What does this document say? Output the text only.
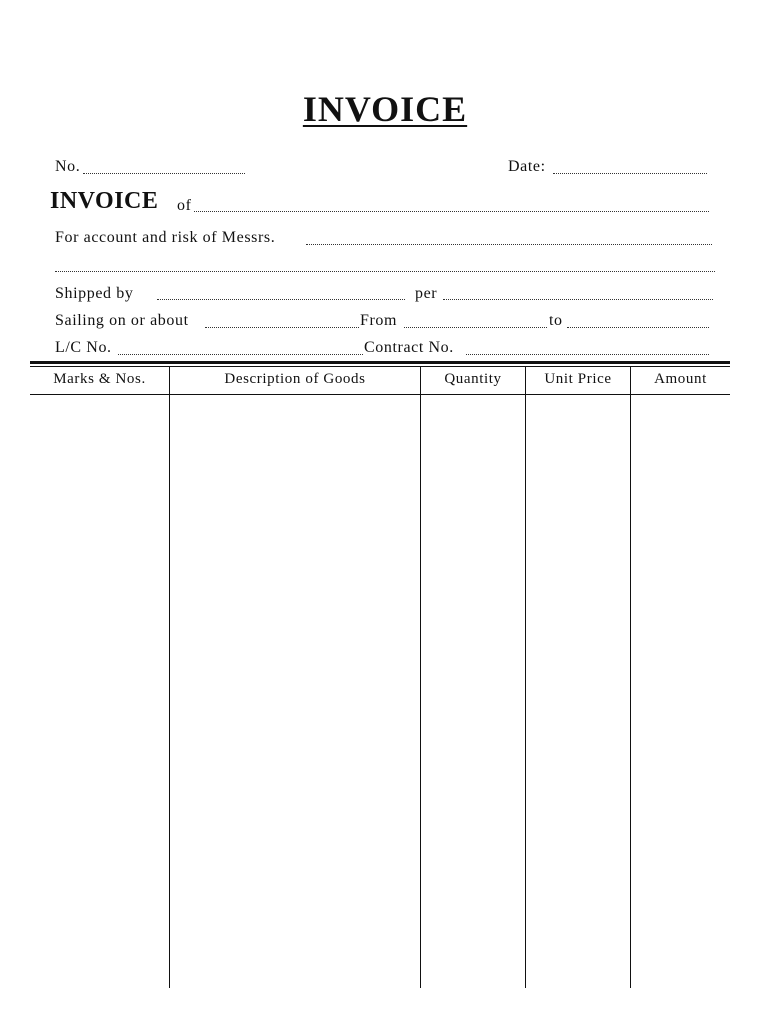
INVOICE
No.	Date:
INVOICE of
For account and risk of Messrs.
Shipped by	per
Sailing on or about	From	to
L/C No.	Contract No.
Marks & Nos.	Description of Goods	Quantity	Unit Price	Amount
